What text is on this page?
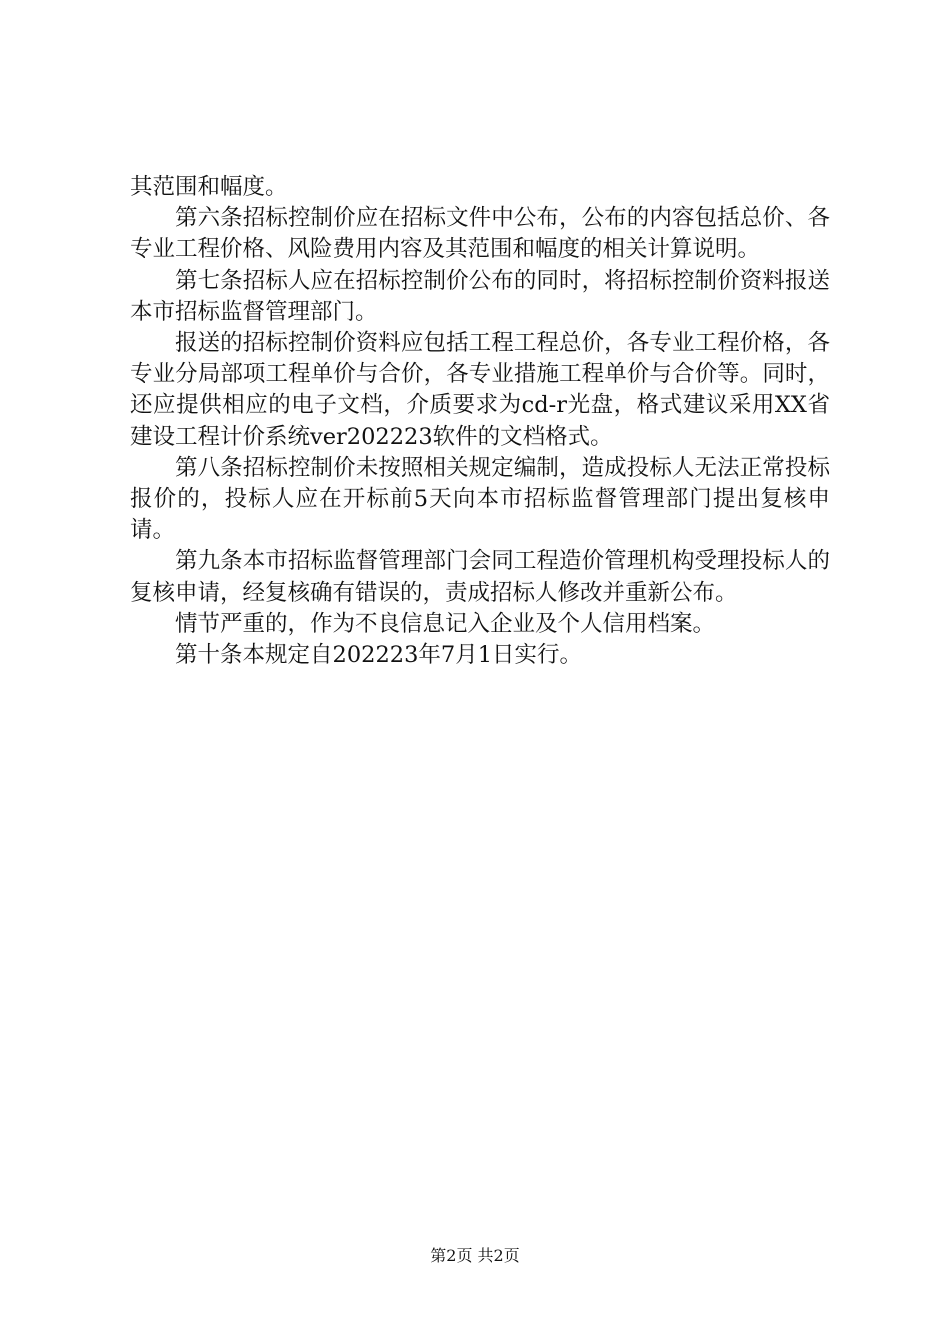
其范围和幅度。

第六条招标控制价应在招标文件中公布，公布的内容包括总价、各专业工程价格、风险费用内容及其范围和幅度的相关计算说明。

第七条招标人应在招标控制价公布的同时，将招标控制价资料报送本市招标监督管理部门。

报送的招标控制价资料应包括工程工程总价，各专业工程价格，各专业分局部项工程单价与合价，各专业措施工程单价与合价等。同时，还应提供相应的电子文档，介质要求为cd-r光盘，格式建议采用XX省建设工程计价系统ver202223软件的文档格式。

第八条招标控制价未按照相关规定编制，造成投标人无法正常投标报价的，投标人应在开标前5天向本市招标监督管理部门提出复核申请。

第九条本市招标监督管理部门会同工程造价管理机构受理投标人的复核申请，经复核确有错误的，责成招标人修改并重新公布。

情节严重的，作为不良信息记入企业及个人信用档案。

第十条本规定自202223年7月1日实行。

第2页 共2页
